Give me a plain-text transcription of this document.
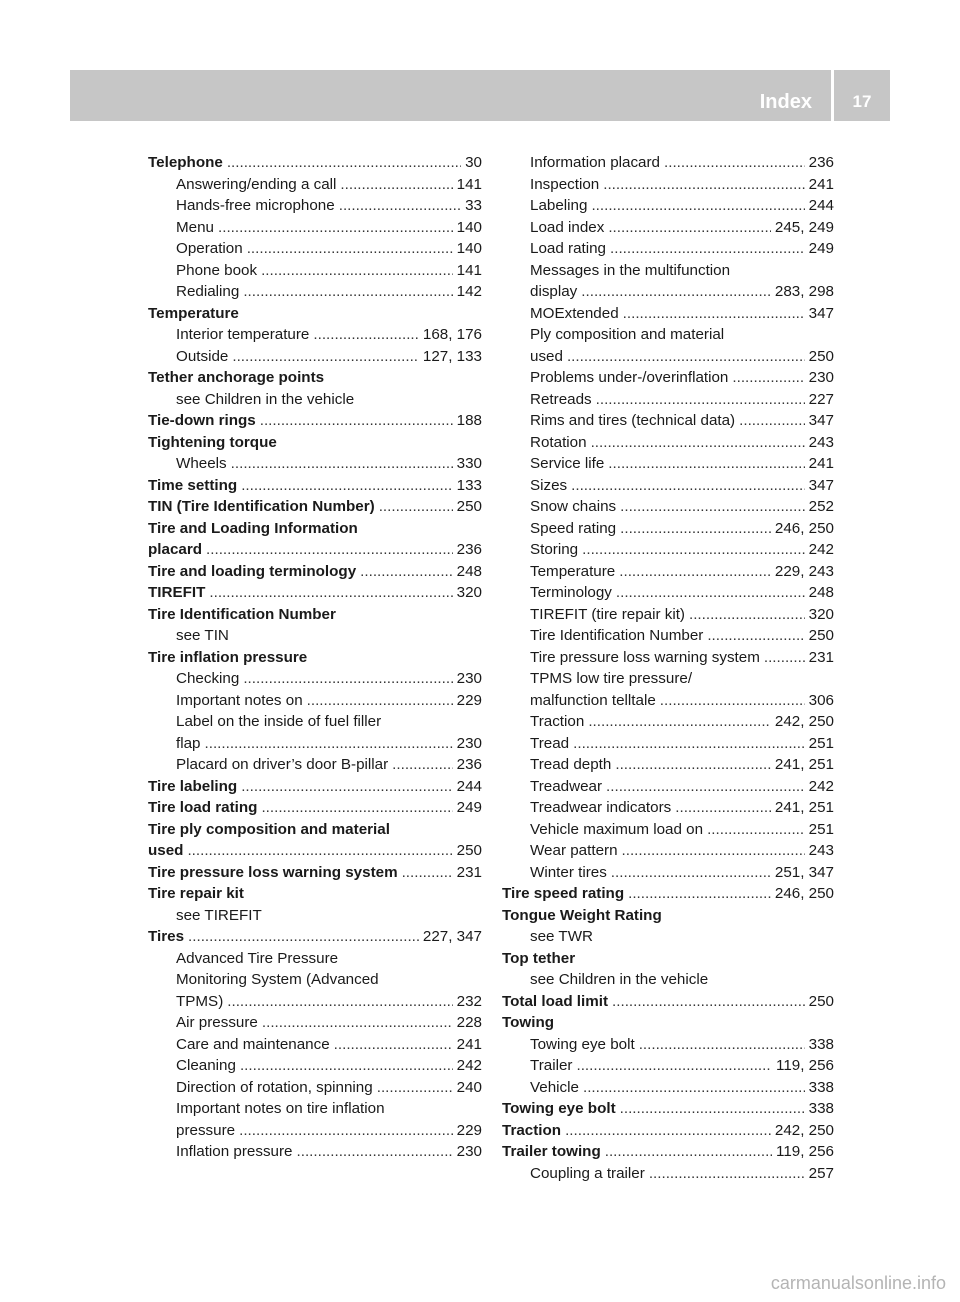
Index	17
Telephone .....	30
Answering/ending a call .....	141
Hands-free microphone .....	33
Menu .....	140
Operation .....	140
Phone book .....	141
Redialing .....	142
Temperature
Interior temperature .....	168, 176
Outside .....	127, 133
Tether anchorage points
see Children in the vehicle
Tie-down rings .....	188
Tightening torque
Wheels .....	330
Time setting .....	133
TIN (Tire Identification Number) .....	250
Tire and Loading Information
placard .....	236
Tire and loading terminology .....	248
TIREFIT .....	320
Tire Identification Number
see TIN
Tire inflation pressure
Checking .....	230
Important notes on .....	229
Label on the inside of fuel filler
flap .....	230
Placard on driver’s door B-pillar .....	236
Tire labeling .....	244
Tire load rating .....	249
Tire ply composition and material
used .....	250
Tire pressure loss warning system .....	231
Tire repair kit
see TIREFIT
Tires .....	227, 347
Advanced Tire Pressure
Monitoring System (Advanced
TPMS) .....	232
Air pressure .....	228
Care and maintenance .....	241
Cleaning .....	242
Direction of rotation, spinning .....	240
Important notes on tire inflation
pressure .....	229
Inflation pressure .....	230
Information placard .....	236
Inspection .....	241
Labeling .....	244
Load index .....	245, 249
Load rating .....	249
Messages in the multifunction
display .....	283, 298
MOExtended .....	347
Ply composition and material
used .....	250
Problems under-/overinflation .....	230
Retreads .....	227
Rims and tires (technical data) .....	347
Rotation .....	243
Service life .....	241
Sizes .....	347
Snow chains .....	252
Speed rating .....	246, 250
Storing .....	242
Temperature .....	229, 243
Terminology .....	248
TIREFIT (tire repair kit) .....	320
Tire Identification Number .....	250
Tire pressure loss warning system .....	231
TPMS low tire pressure/
malfunction telltale .....	306
Traction .....	242, 250
Tread .....	251
Tread depth .....	241, 251
Treadwear .....	242
Treadwear indicators .....	241, 251
Vehicle maximum load on .....	251
Wear pattern .....	243
Winter tires .....	251, 347
Tire speed rating .....	246, 250
Tongue Weight Rating
see TWR
Top tether
see Children in the vehicle
Total load limit .....	250
Towing
Towing eye bolt .....	338
Trailer .....	119, 256
Vehicle .....	338
Towing eye bolt .....	338
Traction .....	242, 250
Trailer towing .....	119, 256
Coupling a trailer .....	257
carmanualsonline.info
